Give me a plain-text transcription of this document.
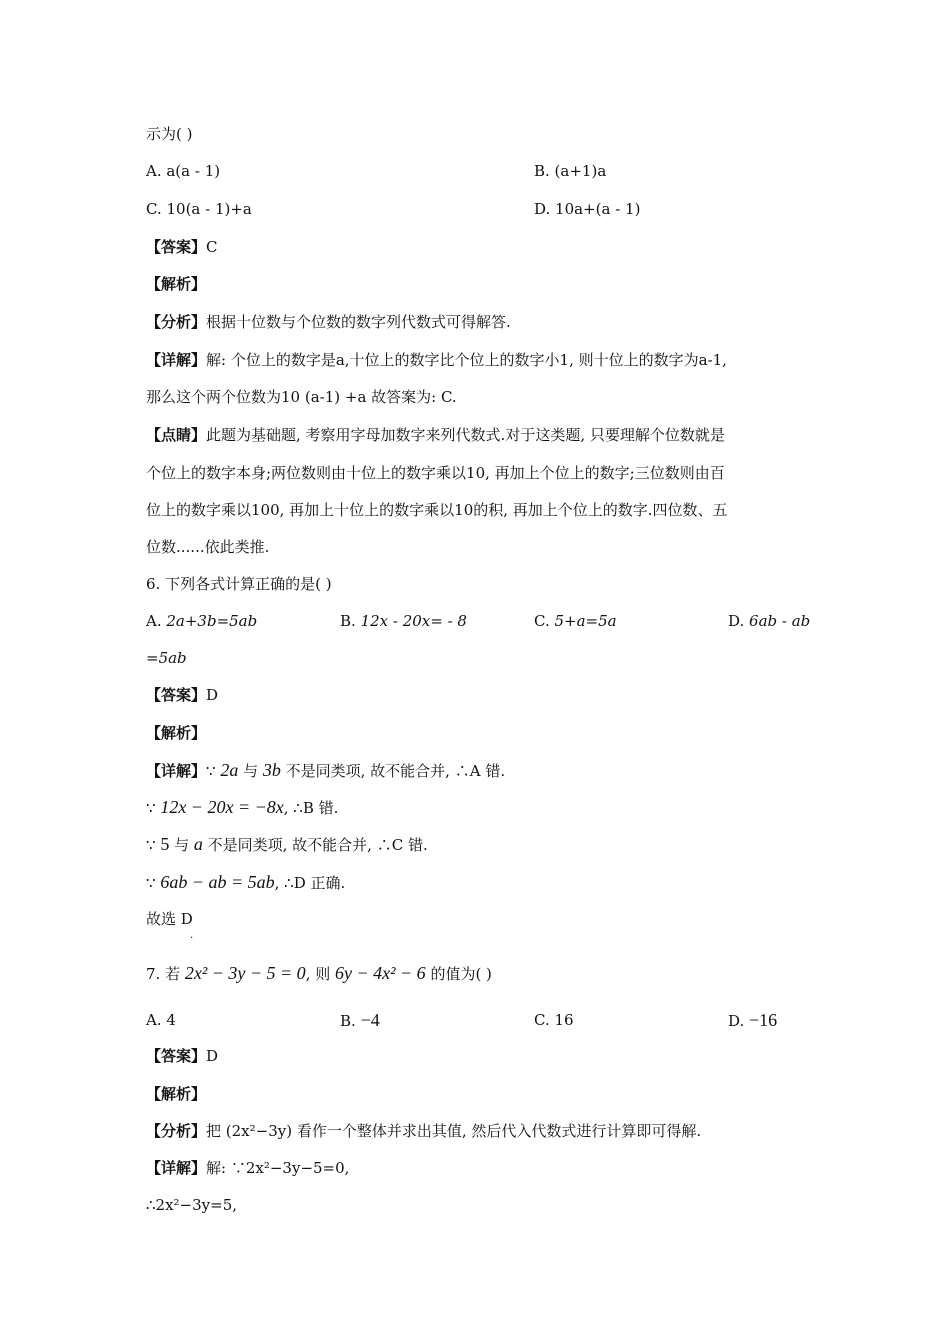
示为( )
A. a(a - 1)	B. (a+1)a
C. 10(a - 1)+a	D. 10a+(a - 1)
【答案】C
【解析】
【分析】根据十位数与个位数的数字列代数式可得解答.
【详解】解: 个位上的数字是a,十位上的数字比个位上的数字小1, 则十位上的数字为a-1,
那么这个两个位数为10 (a-1) +a 故答案为: C.
【点睛】此题为基础题, 考察用字母加数字来列代数式.对于这类题, 只要理解个位数就是
个位上的数字本身;两位数则由十位上的数字乘以10, 再加上个位上的数字;三位数则由百
位上的数字乘以100, 再加上十位上的数字乘以10的积, 再加上个位上的数字.四位数、五
位数......依此类推.
6. 下列各式计算正确的是( )
A. 2a+3b=5ab	B. 12x - 20x= - 8	C. 5+a=5a	D. 6ab - ab
=5ab
【答案】D
【解析】
【详解】∵ 2a 与 3b 不是同类项, 故不能合并, ∴A 错.
∵ 12x − 20x = −8x, ∴B 错.
∵ 5 与 a 不是同类项, 故不能合并, ∴C 错.
∵ 6ab − ab = 5ab, ∴D 正确.
故选 D
.
7. 若 2x² − 3y − 5 = 0, 则 6y − 4x² − 6 的值为( )
A. 4	B. −4	C. 16	D. −16
【答案】D
【解析】
【分析】把 (2x²−3y) 看作一个整体并求出其值, 然后代入代数式进行计算即可得解.
【详解】解: ∵2x²−3y−5=0,
∴2x²−3y=5,
